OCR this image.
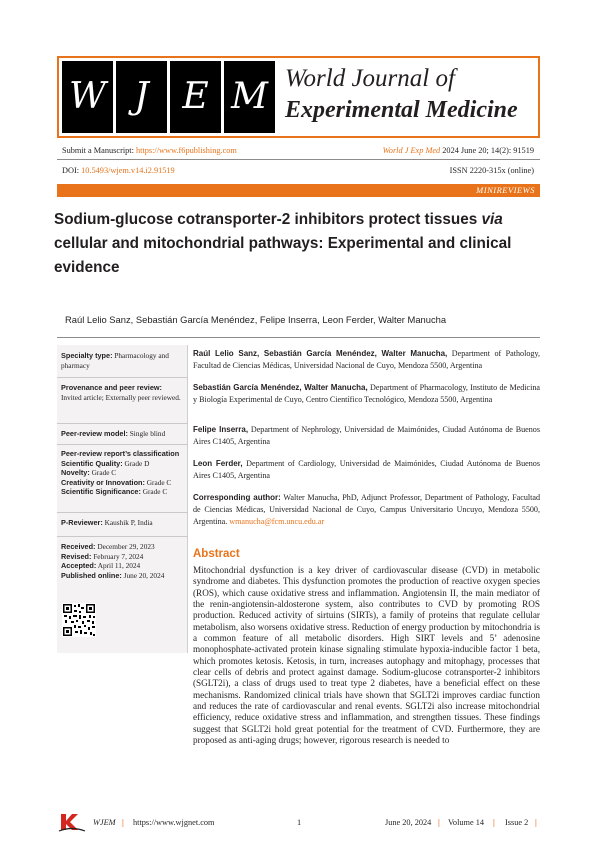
W J E M World Journal of
Experimental Medicine
Submit a Manuscript: https://www.f6publishing.com	World J Exp Med 2024 June 20; 14(2): 91519
DOI: 10.5493/wjem.v14.i2.91519	ISSN 2220-315x (online)
MINIREVIEWS
Sodium-glucose cotransporter-2 inhibitors protect tissues via cellular and mitochondrial pathways: Experimental and clinical evidence
Raúl Lelio Sanz, Sebastián García Menéndez, Felipe Inserra, Leon Ferder, Walter Manucha
Specialty type: Pharmacology and pharmacy
Provenance and peer review:
Invited article; Externally peer reviewed.
Peer-review model: Single blind
Peer-review report’s classification
Scientific Quality: Grade D
Novelty: Grade C
Creativity or Innovation: Grade C
Scientific Significance: Grade C
P-Reviewer: Kaushik P, India
Received: December 29, 2023
Revised: February 7, 2024
Accepted: April 11, 2024
Published online: June 20, 2024
Raúl Lelio Sanz, Sebastián García Menéndez, Walter Manucha, Department of Pathology, Facultad de Ciencias Médicas, Universidad Nacional de Cuyo, Mendoza 5500, Argentina
Sebastián García Menéndez, Walter Manucha, Department of Pharmacology, Instituto de Medicina y Biología Experimental de Cuyo, Centro Científico Tecnológico, Mendoza 5500, Argentina
Felipe Inserra, Department of Nephrology, Universidad de Maimónides, Ciudad Autónoma de Buenos Aires C1405, Argentina
Leon Ferder, Department of Cardiology, Universidad de Maimónides, Ciudad Autónoma de Buenos Aires C1405, Argentina
Corresponding author: Walter Manucha, PhD, Adjunct Professor, Department of Pathology, Facultad de Ciencias Médicas, Universidad Nacional de Cuyo, Campus Universitario Uncuyo, Mendoza 5500, Argentina. wmanucha@fcm.uncu.edu.ar
Abstract
Mitochondrial dysfunction is a key driver of cardiovascular disease (CVD) in metabolic syndrome and diabetes. This dysfunction promotes the production of reactive oxygen species (ROS), which cause oxidative stress and inflammation. Angiotensin II, the main mediator of the renin-angiotensin-aldosterone system, also contributes to CVD by promoting ROS production. Reduced activity of sirtuins (SIRTs), a family of proteins that regulate cellular metabolism, also worsens oxidative stress. Reduction of energy production by mitochondria is a common feature of all metabolic disorders. High SIRT levels and 5’ adenosine monophosphate-activated protein kinase signaling stimulate hypoxia-inducible factor 1 beta, which promotes ketosis. Ketosis, in turn, increases autophagy and mitophagy, processes that clear cells of debris and protect against damage. Sodium-glucose cotransporter-2 inhibitors (SGLT2i), a class of drugs used to treat type 2 diabetes, have a beneficial effect on these mechanisms. Randomized clinical trials have shown that SGLT2i improves cardiac function and reduces the rate of cardiovascular and renal events. SGLT2i also increase mitochondrial efficiency, reduce oxidative stress and inflammation, and strengthen tissues. These findings suggest that SGLT2i hold great potential for the treatment of CVD. Furthermore, they are proposed as anti-aging drugs; however, rigorous research is needed to
WJEM | https://www.wjgnet.com	1	June 20, 2024 | Volume 14 | Issue 2 |
